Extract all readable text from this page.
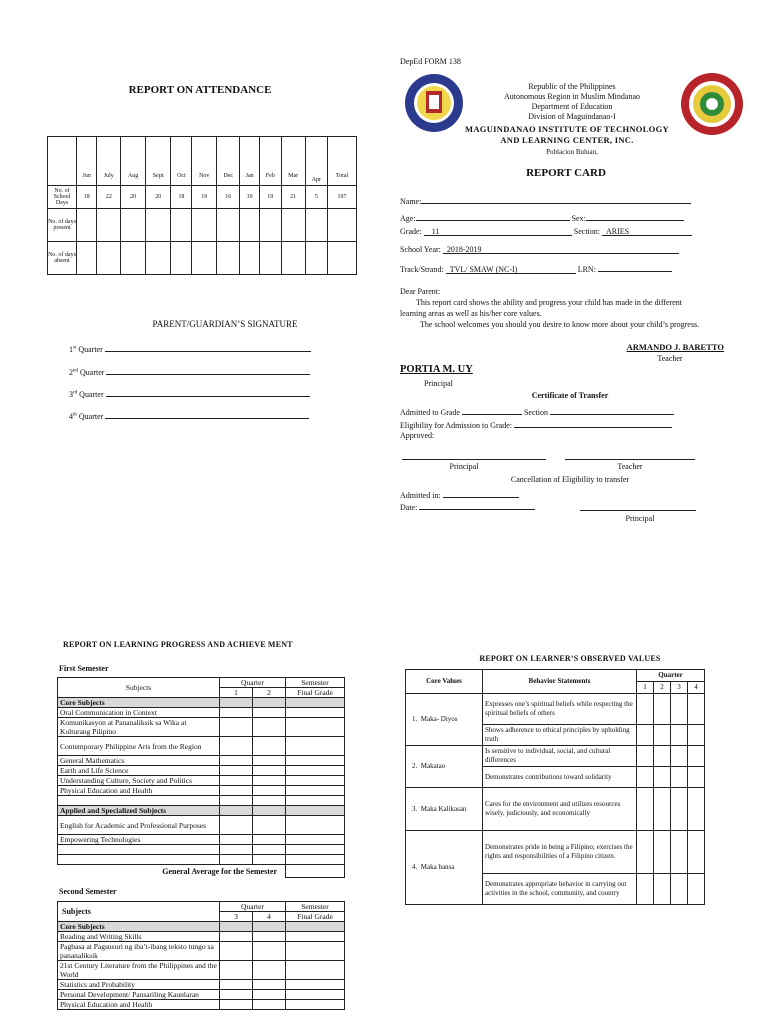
REPORT ON ATTENDANCE
	Jun	July	Aug	Sept	Oct	Nov	Dec	Jan	Feb	Mar	Apr	Total
No. of School Days	18	22	20	20	18	19	16	19	19	21	5	197
No. of days present												
No. of days absent												
PARENT/GUARDIAN’S SIGNATURE
1st Quarter
2nd Quarter
3rd Quarter
4th Quarter
DepEd FORM 138
Republic of the Philippines
Autonomous Region in Muslim Mindanao
Department of Education
Division of Maguindanao-I
MAGUINDANAO INSTITUTE OF TECHNOLOGY
AND LEARNING CENTER, INC.
Poblacion Buluan,
REPORT CARD
Name:
Age:	Sex:
Grade: 11	Section: ARIES
School Year: 2018-2019
Track/Strand: TVL/ SMAW (NC-I)	LRN:
Dear Parent:
This report card shows the ability and progress your child has made in the different learning areas as well as his/her core values.
The school welcomes you should you desire to know more about your child’s progress.
ARMANDO J. BARETTO
Teacher
PORTIA M. UY
Principal
Certificate of Transfer
Admitted to Grade	Section
Eligibility for Admission to Grade:
Approved:
Principal	Teacher
Cancellation of Eligibility to transfer
Admitted in:
Date:
Principal
REPORT ON LEARNING PROGRESS AND ACHIEVE MENT
First Semester
Subjects	Quarter		Semester
	1	2	Final Grade
Core Subjects			
Oral Communication in Context			
Komunikasyon at Pananaliksik sa Wika at Kulturang Pilipino			
Contemporary Philippine Arts from the Region			
General Mathematics			
Earth and Life Science			
Understanding Culture, Society and Politics			
Physical Education and Health			

Applied and Specialized Subjects			
English for Academic and Professional Purposes			
Empowering Technologies			

General Average for the Semester			
Second Semester
Subjects	Quarter		Semester
	3	4	Final Grade
Core Subjects			
Reading and Writing Skills			
Pagbasa at Pagsusuri ng iba’t-ibang teksto tungo sa pananaliksik			
21st Century Literature from the Philippines and the World			
Statistics and Probability			
Personal Development/ Pansariling Kaunlaran			
Physical Education and Health			
REPORT ON LEARNER’S OBSERVED VALUES
Core Values	Behavior Statements	Quarter			
		1	2	3	4
1. Maka- Diyos	Expresses one’s spiritual beliefs while respecting the spiritual beliefs of others				
	Shows adherence to ethical principles by upholding truth				
2. Makatao	Is sensitive to individual, social, and cultural differences				
	Demonstrates contributions toward solidarity				
3. Maka Kalikasan	Cares for the environment and utilizes resources wisely, judiciously, and economically				
4. Maka bansa	Demonstrates pride in being a Filipino; exercises the rights and responsibilities of a Filipino citizen.				
	Demonstrates appropriate behavior in carrying out activities in the school, community, and country				
